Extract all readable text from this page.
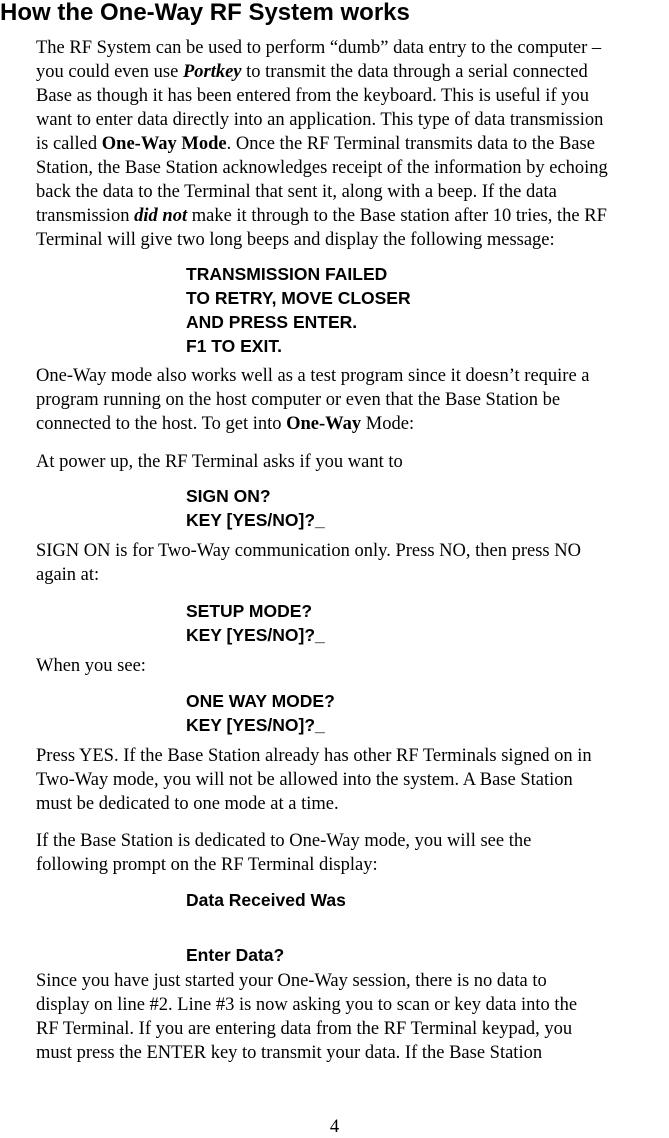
How the One-Way RF System works
The RF System can be used to perform “dumb” data entry to the computer –
you could even use Portkey to transmit the data through a serial connected
Base as though it has been entered from the keyboard. This is useful if you
want to enter data directly into an application. This type of data transmission
is called One-Way Mode. Once the RF Terminal transmits data to the Base
Station, the Base Station acknowledges receipt of the information by echoing
back the data to the Terminal that sent it, along with a beep. If the data
transmission did not make it through to the Base station after 10 tries, the RF
Terminal will give two long beeps and display the following message:
TRANSMISSION FAILED
TO RETRY, MOVE CLOSER
AND PRESS ENTER.
F1 TO EXIT.
One-Way mode also works well as a test program since it doesn’t require a
program running on the host computer or even that the Base Station be
connected to the host. To get into One-Way Mode:
At power up, the RF Terminal asks if you want to
SIGN ON?
KEY [YES/NO]?_
SIGN ON is for Two-Way communication only. Press NO, then press NO
again at:
SETUP MODE?
KEY [YES/NO]?_
When you see:
ONE WAY MODE?
KEY [YES/NO]?_
Press YES. If the Base Station already has other RF Terminals signed on in
Two-Way mode, you will not be allowed into the system. A Base Station
must be dedicated to one mode at a time.
If the Base Station is dedicated to One-Way mode, you will see the
following prompt on the RF Terminal display:
Data Received Was
Enter Data?
Since you have just started your One-Way session, there is no data to
display on line #2. Line #3 is now asking you to scan or key data into the
RF Terminal. If you are entering data from the RF Terminal keypad, you
must press the ENTER key to transmit your data. If the Base Station
4
